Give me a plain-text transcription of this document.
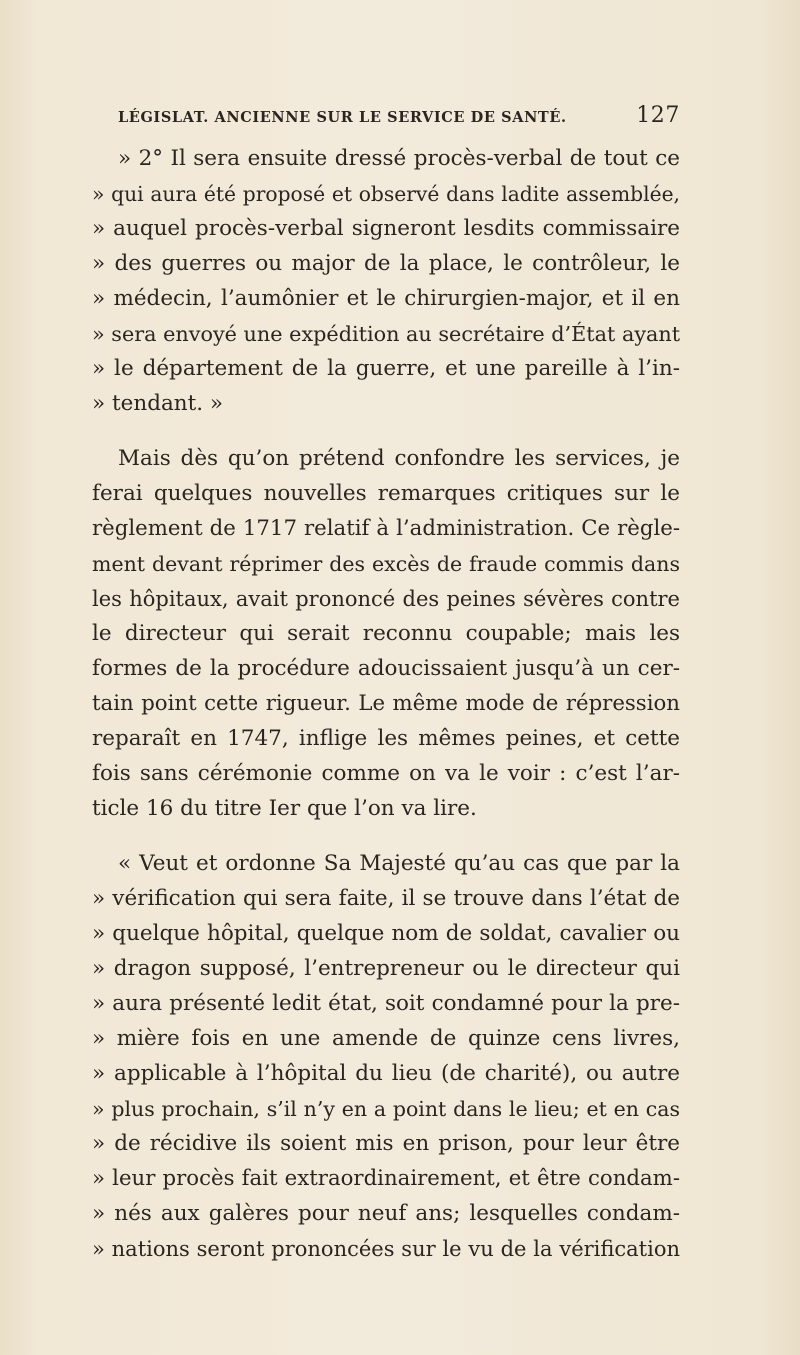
LÉGISLAT. ANCIENNE SUR LE SERVICE DE SANTÉ.	127
» 2° Il sera ensuite dressé procès-verbal de tout ce
» qui aura été proposé et observé dans ladite assemblée,
» auquel procès-verbal signeront lesdits commissaire
» des guerres ou major de la place, le contrôleur, le
» médecin, l’aumônier et le chirurgien-major, et il en
» sera envoyé une expédition au secrétaire d’État ayant
» le département de la guerre, et une pareille à l’in-
» tendant. »
Mais dès qu’on prétend confondre les services, je
ferai quelques nouvelles remarques critiques sur le
règlement de 1717 relatif à l’administration. Ce règle-
ment devant réprimer des excès de fraude commis dans
les hôpitaux, avait prononcé des peines sévères contre
le directeur qui serait reconnu coupable; mais les
formes de la procédure adoucissaient jusqu’à un cer-
tain point cette rigueur. Le même mode de répression
reparaît en 1747, inflige les mêmes peines, et cette
fois sans cérémonie comme on va le voir : c’est l’ar-
ticle 16 du titre Ier que l’on va lire.
« Veut et ordonne Sa Majesté qu’au cas que par la
» vérification qui sera faite, il se trouve dans l’état de
» quelque hôpital, quelque nom de soldat, cavalier ou
» dragon supposé, l’entrepreneur ou le directeur qui
» aura présenté ledit état, soit condamné pour la pre-
» mière fois en une amende de quinze cens livres,
» applicable à l’hôpital du lieu (de charité), ou autre
» plus prochain, s’il n’y en a point dans le lieu; et en cas
» de récidive ils soient mis en prison, pour leur être
» leur procès fait extraordinairement, et être condam-
» nés aux galères pour neuf ans; lesquelles condam-
» nations seront prononcées sur le vu de la vérification
